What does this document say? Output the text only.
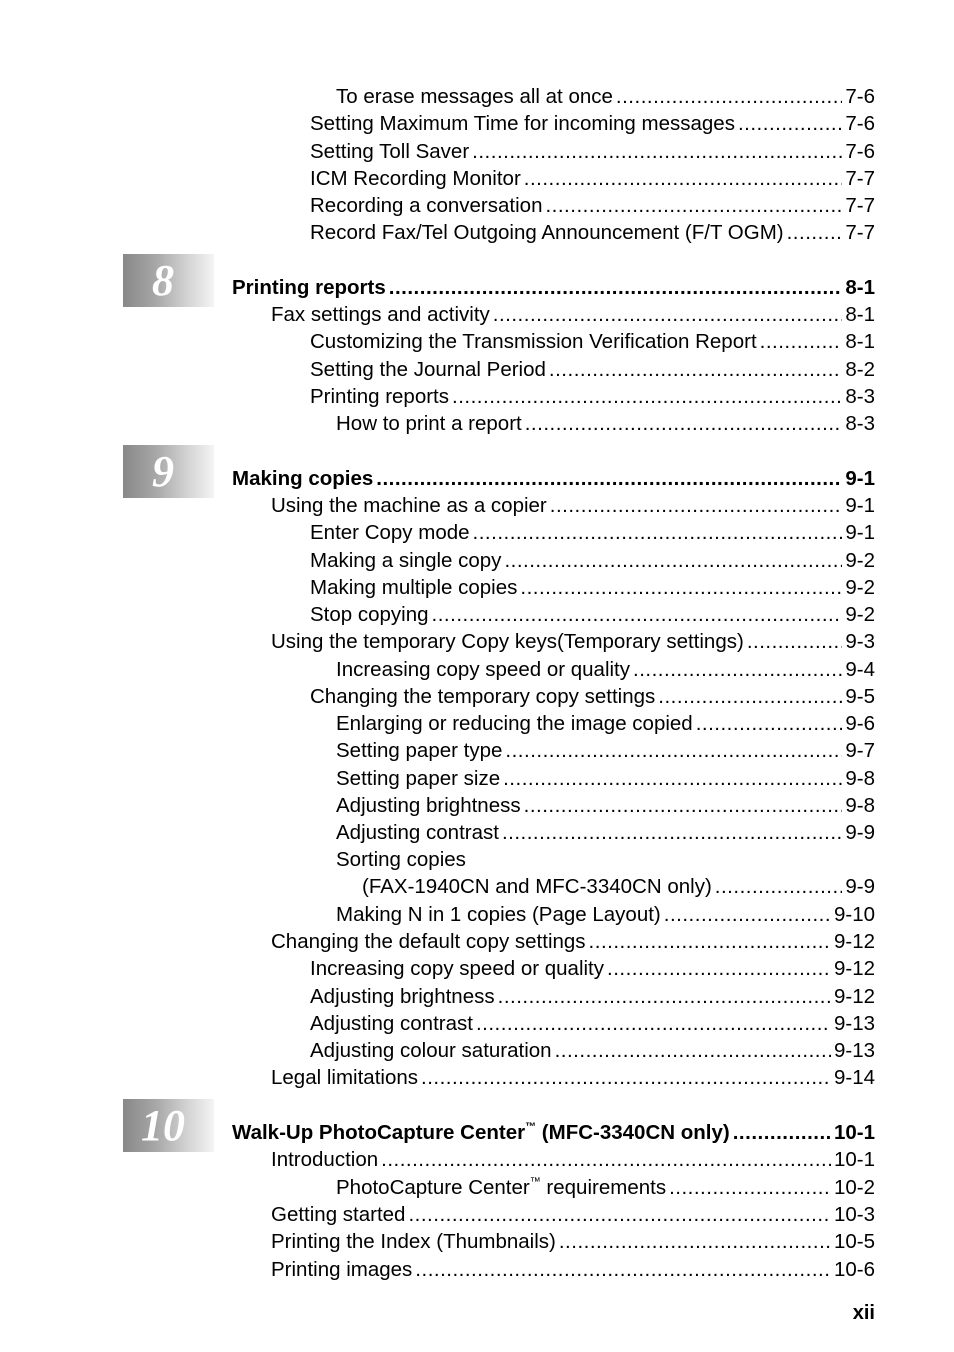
8
9
10
To erase messages all at once .....	7-6
Setting Maximum Time for incoming messages .....	7-6
Setting Toll Saver .....	7-6
ICM Recording Monitor .....	7-7
Recording a conversation .....	7-7
Record Fax/Tel Outgoing Announcement (F/T OGM) .....	7-7
Printing reports .....	8-1
Fax settings and activity .....	8-1
Customizing the Transmission Verification Report .....	8-1
Setting the Journal Period .....	8-2
Printing reports .....	8-3
How to print a report .....	8-3
Making copies .....	9-1
Using the machine as a copier .....	9-1
Enter Copy mode .....	9-1
Making a single copy .....	9-2
Making multiple copies .....	9-2
Stop copying .....	9-2
Using the temporary Copy keys(Temporary settings) .....	9-3
Increasing copy speed or quality .....	9-4
Changing the temporary copy settings .....	9-5
Enlarging or reducing the image copied .....	9-6
Setting paper type .....	9-7
Setting paper size .....	9-8
Adjusting brightness .....	9-8
Adjusting contrast .....	9-9
Sorting copies
(FAX-1940CN and MFC-3340CN only) .....	9-9
Making N in 1 copies (Page Layout) .....	9-10
Changing the default copy settings .....	9-12
Increasing copy speed or quality .....	9-12
Adjusting brightness .....	9-12
Adjusting contrast .....	9-13
Adjusting colour saturation .....	9-13
Legal limitations .....	9-14
Walk-Up PhotoCapture Center™ (MFC-3340CN only) .....	10-1
Introduction .....	10-1
PhotoCapture Center™ requirements .....	10-2
Getting started .....	10-3
Printing the Index (Thumbnails) .....	10-5
Printing images .....	10-6
xii
